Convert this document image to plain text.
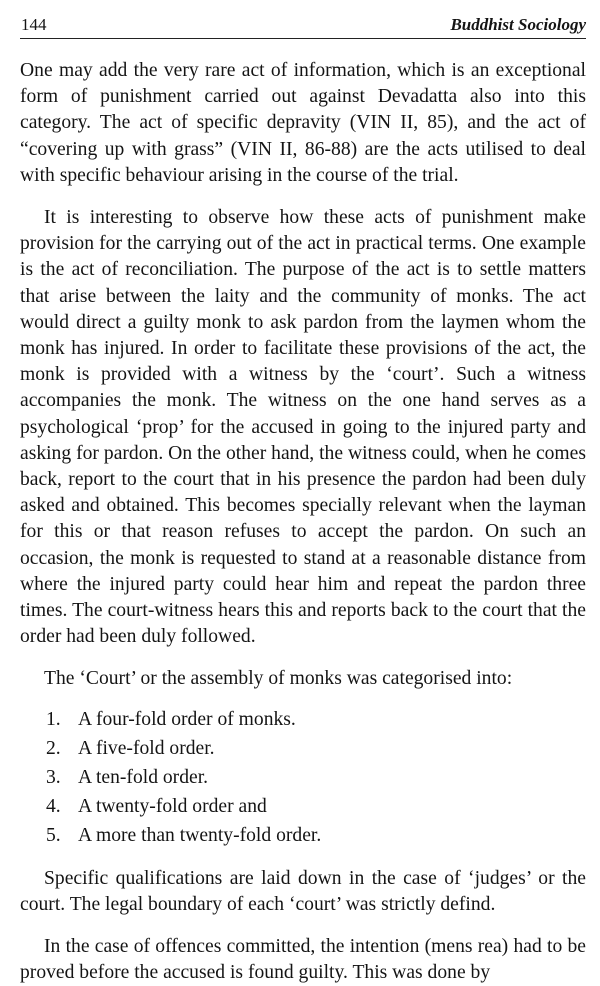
144	Buddhist Sociology

One may add the very rare act of information, which is an exceptional form of punishment carried out against Devadatta also into this category. The act of specific depravity (VIN II, 85), and the act of “covering up with grass” (VIN II, 86-88) are the acts utilised to deal with specific behaviour arising in the course of the trial.

It is interesting to observe how these acts of punishment make provision for the carrying out of the act in practical terms. One example is the act of reconciliation. The purpose of the act is to settle matters that arise between the laity and the community of monks. The act would direct a guilty monk to ask pardon from the laymen whom the monk has injured. In order to facilitate these provisions of the act, the monk is provided with a witness by the ‘court’. Such a witness accompanies the monk. The witness on the one hand serves as a psychological ‘prop’ for the accused in going to the injured party and asking for pardon. On the other hand, the witness could, when he comes back, report to the court that in his presence the pardon had been duly asked and obtained. This becomes specially relevant when the layman for this or that reason refuses to accept the pardon. On such an occasion, the monk is requested to stand at a reasonable distance from where the injured party could hear him and repeat the pardon three times. The court-witness hears this and reports back to the court that the order had been duly followed.

The ‘Court’ or the assembly of monks was categorised into:

1. A four-fold order of monks.
2. A five-fold order.
3. A ten-fold order.
4. A twenty-fold order and
5. A more than twenty-fold order.

Specific qualifications are laid down in the case of ‘judges’ or the court. The legal boundary of each ‘court’ was strictly defind.

In the case of offences committed, the intention (mens rea) had to be proved before the accused is found guilty. This was done by
